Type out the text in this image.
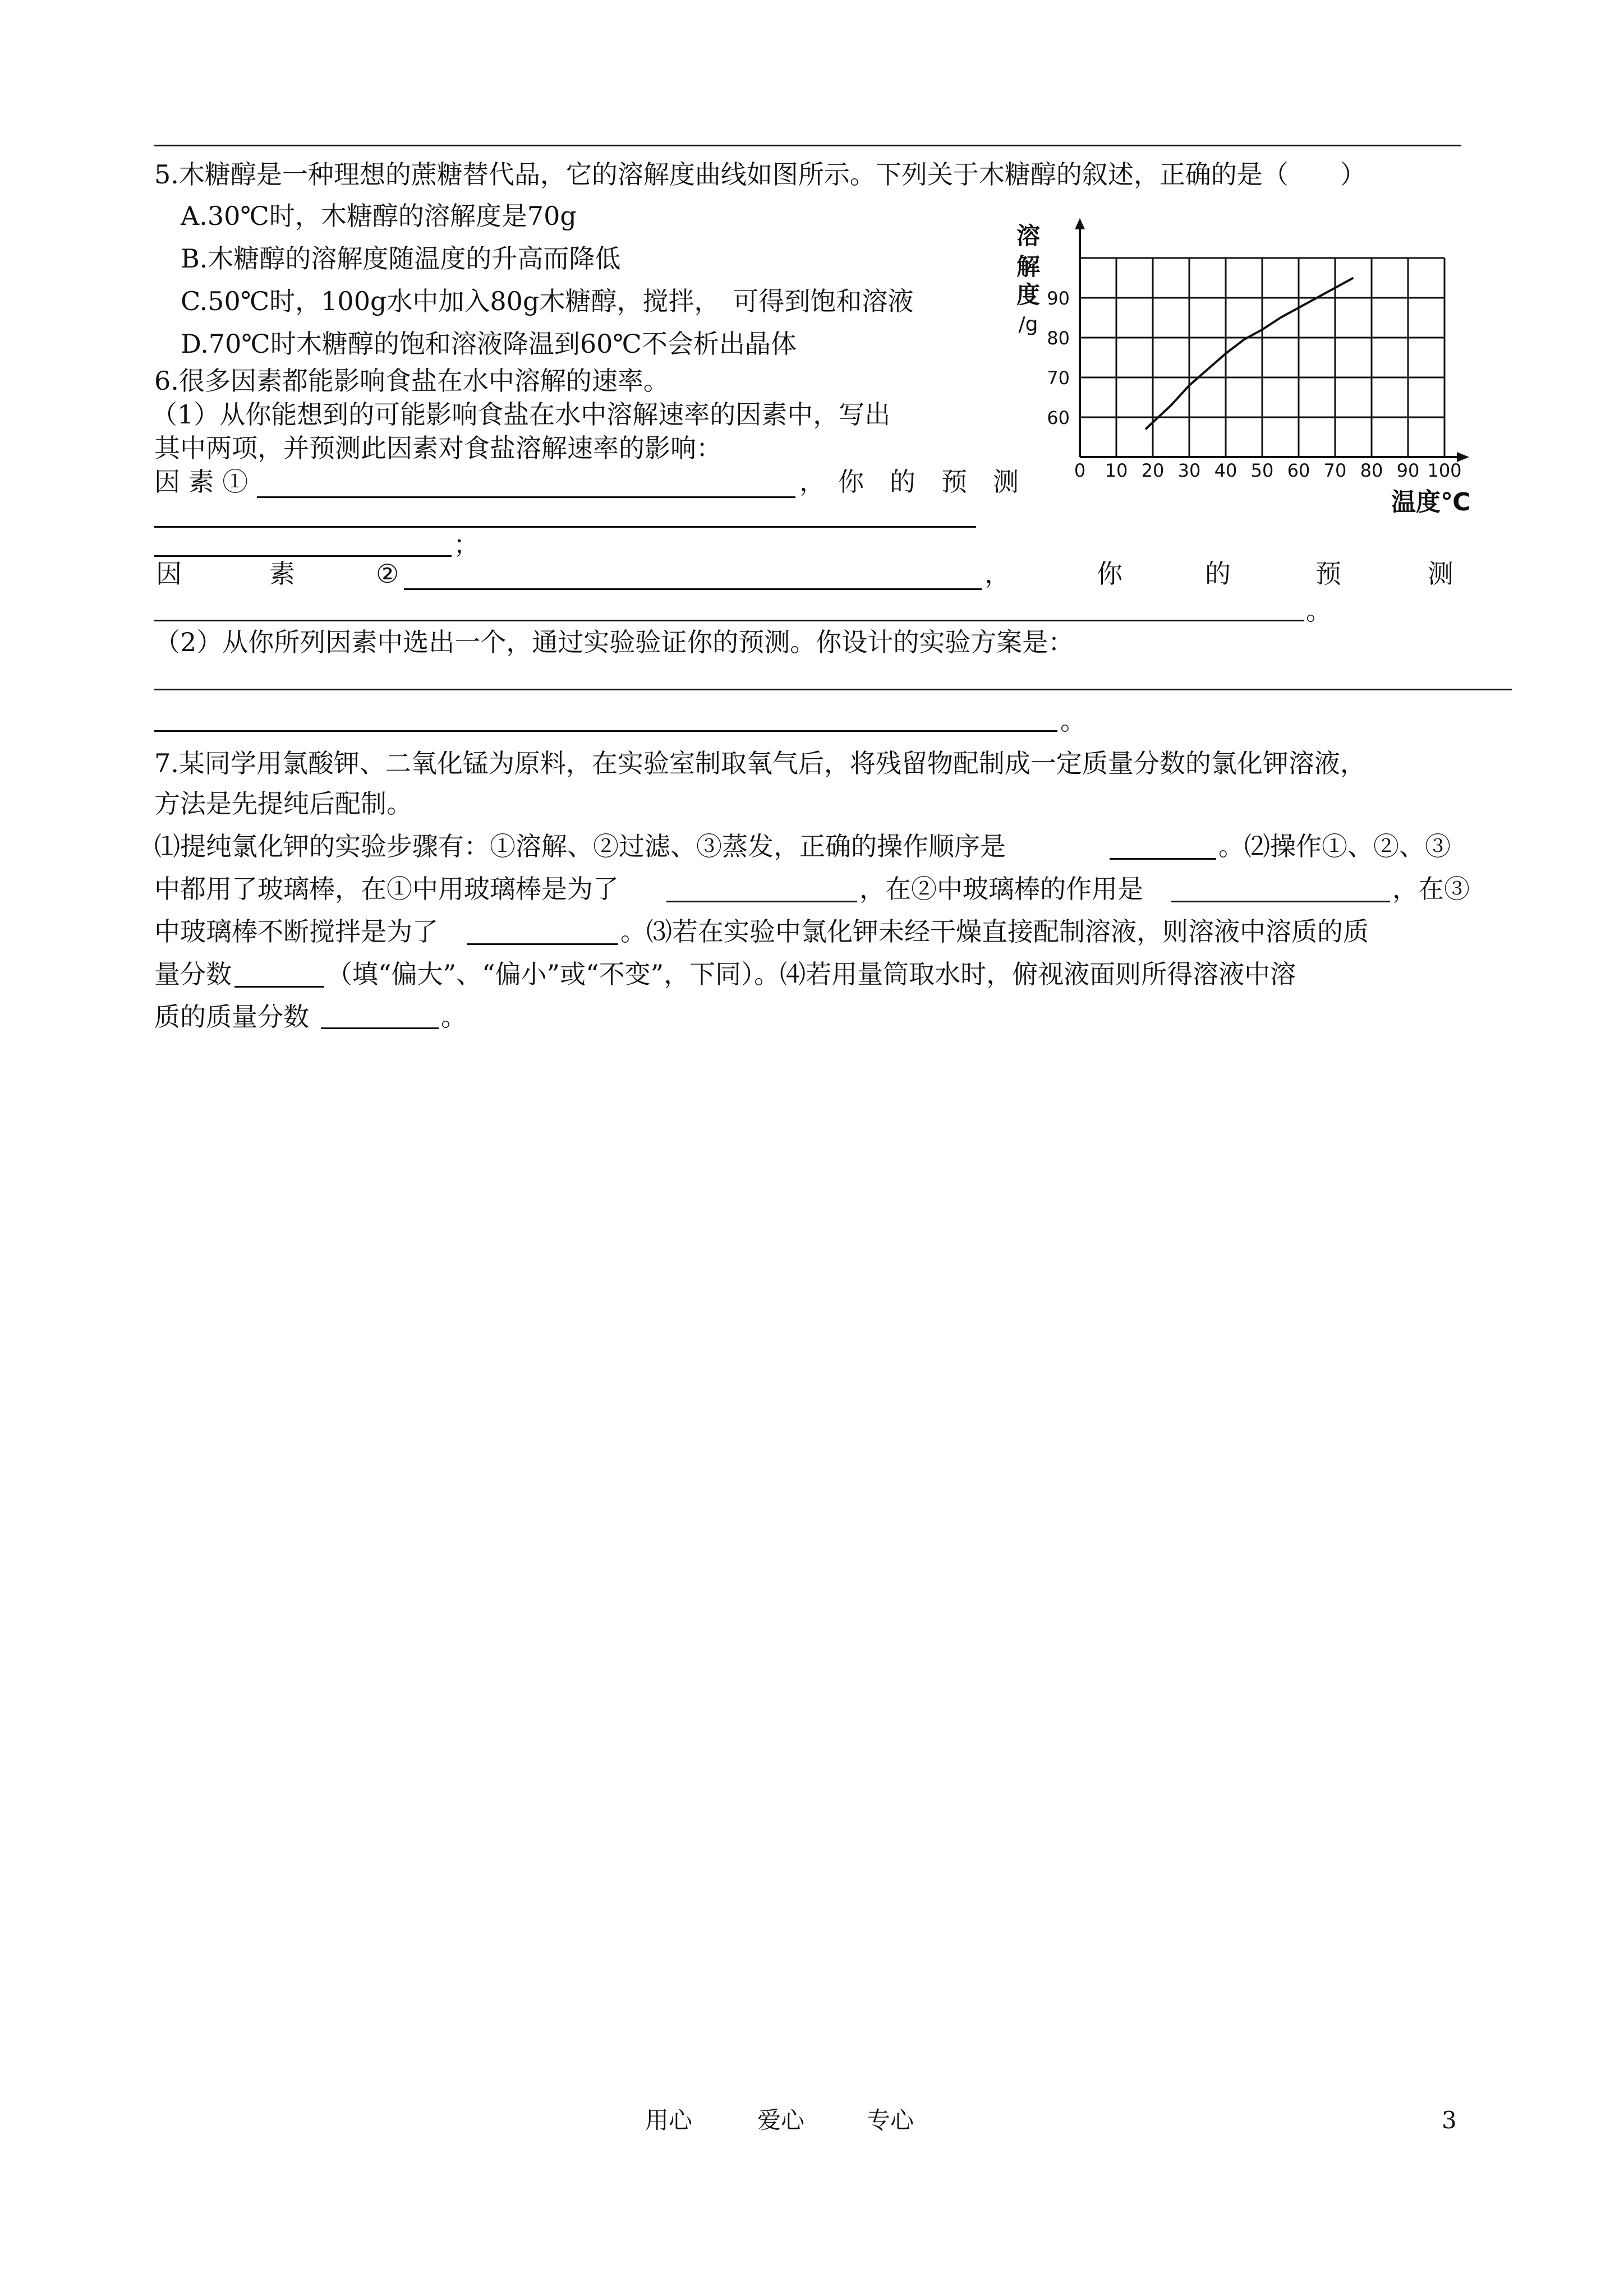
5.木糖醇是一种理想的蔗糖替代品，它的溶解度曲线如图所示。下列关于木糖醇的叙述，正确的是（　　）
A.30℃时，木糖醇的溶解度是70g
B.木糖醇的溶解度随温度的升高而降低
C.50℃时，100g水中加入80g木糖醇，搅拌，　可得到饱和溶液
D.70℃时木糖醇的饱和溶液降温到60℃不会析出晶体
0 10 20 30 40 50 60 70 80 90 100
60
70
80
90
溶
解
度
/g
温度℃
6.很多因素都能影响食盐在水中溶解的速率。
（1）从你能想到的可能影响食盐在水中溶解速率的因素中，写出
其中两项，并预测此因素对食盐溶解速率的影响：
因 素 ①	，　你　的　预　测
；
因	素	②	，	你	的	预	测
。
（2）从你所列因素中选出一个，通过实验验证你的预测。你设计的实验方案是：
。
7.某同学用氯酸钾、二氧化锰为原料，在实验室制取氧气后，将残留物配制成一定质量分数的氯化钾溶液，
方法是先提纯后配制。
⑴提纯氯化钾的实验步骤有：①溶解、②过滤、③蒸发，正确的操作顺序是	。⑵操作①、②、③
中都用了玻璃棒，在①中用玻璃棒是为了	，在②中玻璃棒的作用是	，在③
中玻璃棒不断搅拌是为了	。⑶若在实验中氯化钾未经干燥直接配制溶液，则溶液中溶质的质
量分数	（填“偏大”、“偏小”或“不变”，下同）。⑷若用量筒取水时，俯视液面则所得溶液中溶
质的质量分数	。
用心	爱心	专心	3
